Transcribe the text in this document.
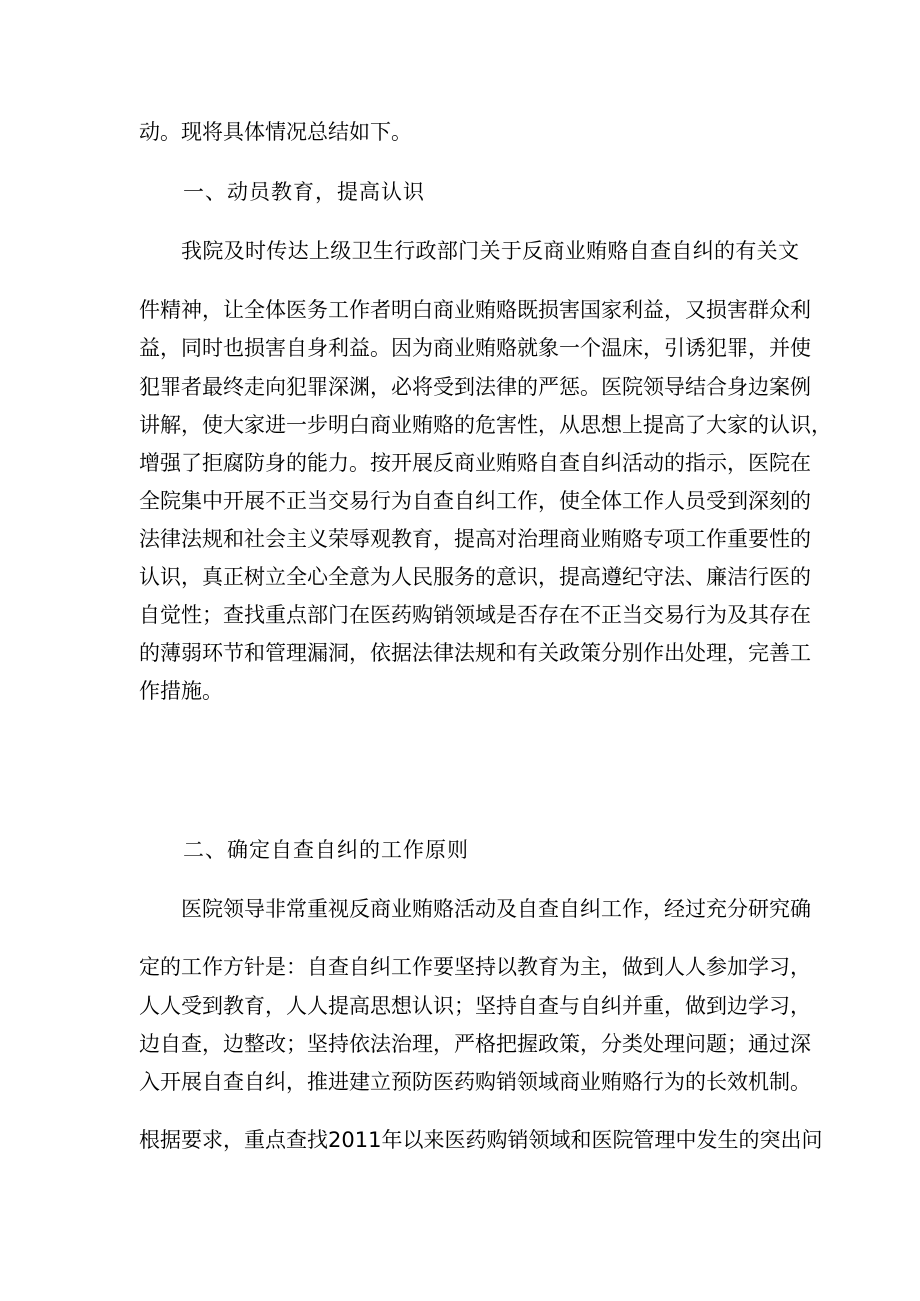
动。现将具体情况总结如下。
一、动员教育，提高认识
我院及时传达上级卫生行政部门关于反商业贿赂自查自纠的有关文
件精神，让全体医务工作者明白商业贿赂既损害国家利益，又损害群众利
益，同时也损害自身利益。因为商业贿赂就象一个温床，引诱犯罪，并使
犯罪者最终走向犯罪深渊，必将受到法律的严惩。医院领导结合身边案例
讲解，使大家进一步明白商业贿赂的危害性，从思想上提高了大家的认识，
增强了拒腐防身的能力。按开展反商业贿赂自查自纠活动的指示，医院在
全院集中开展不正当交易行为自查自纠工作，使全体工作人员受到深刻的
法律法规和社会主义荣辱观教育，提高对治理商业贿赂专项工作重要性的
认识，真正树立全心全意为人民服务的意识，提高遵纪守法、廉洁行医的
自觉性；查找重点部门在医药购销领域是否存在不正当交易行为及其存在
的薄弱环节和管理漏洞，依据法律法规和有关政策分别作出处理，完善工
作措施。
二、确定自查自纠的工作原则
医院领导非常重视反商业贿赂活动及自查自纠工作，经过充分研究确
定的工作方针是：自查自纠工作要坚持以教育为主，做到人人参加学习，
人人受到教育，人人提高思想认识；坚持自查与自纠并重，做到边学习，
边自查，边整改；坚持依法治理，严格把握政策，分类处理问题；通过深
入开展自查自纠，推进建立预防医药购销领域商业贿赂行为的长效机制。
根据要求，重点查找2011年以来医药购销领域和医院管理中发生的突出问
